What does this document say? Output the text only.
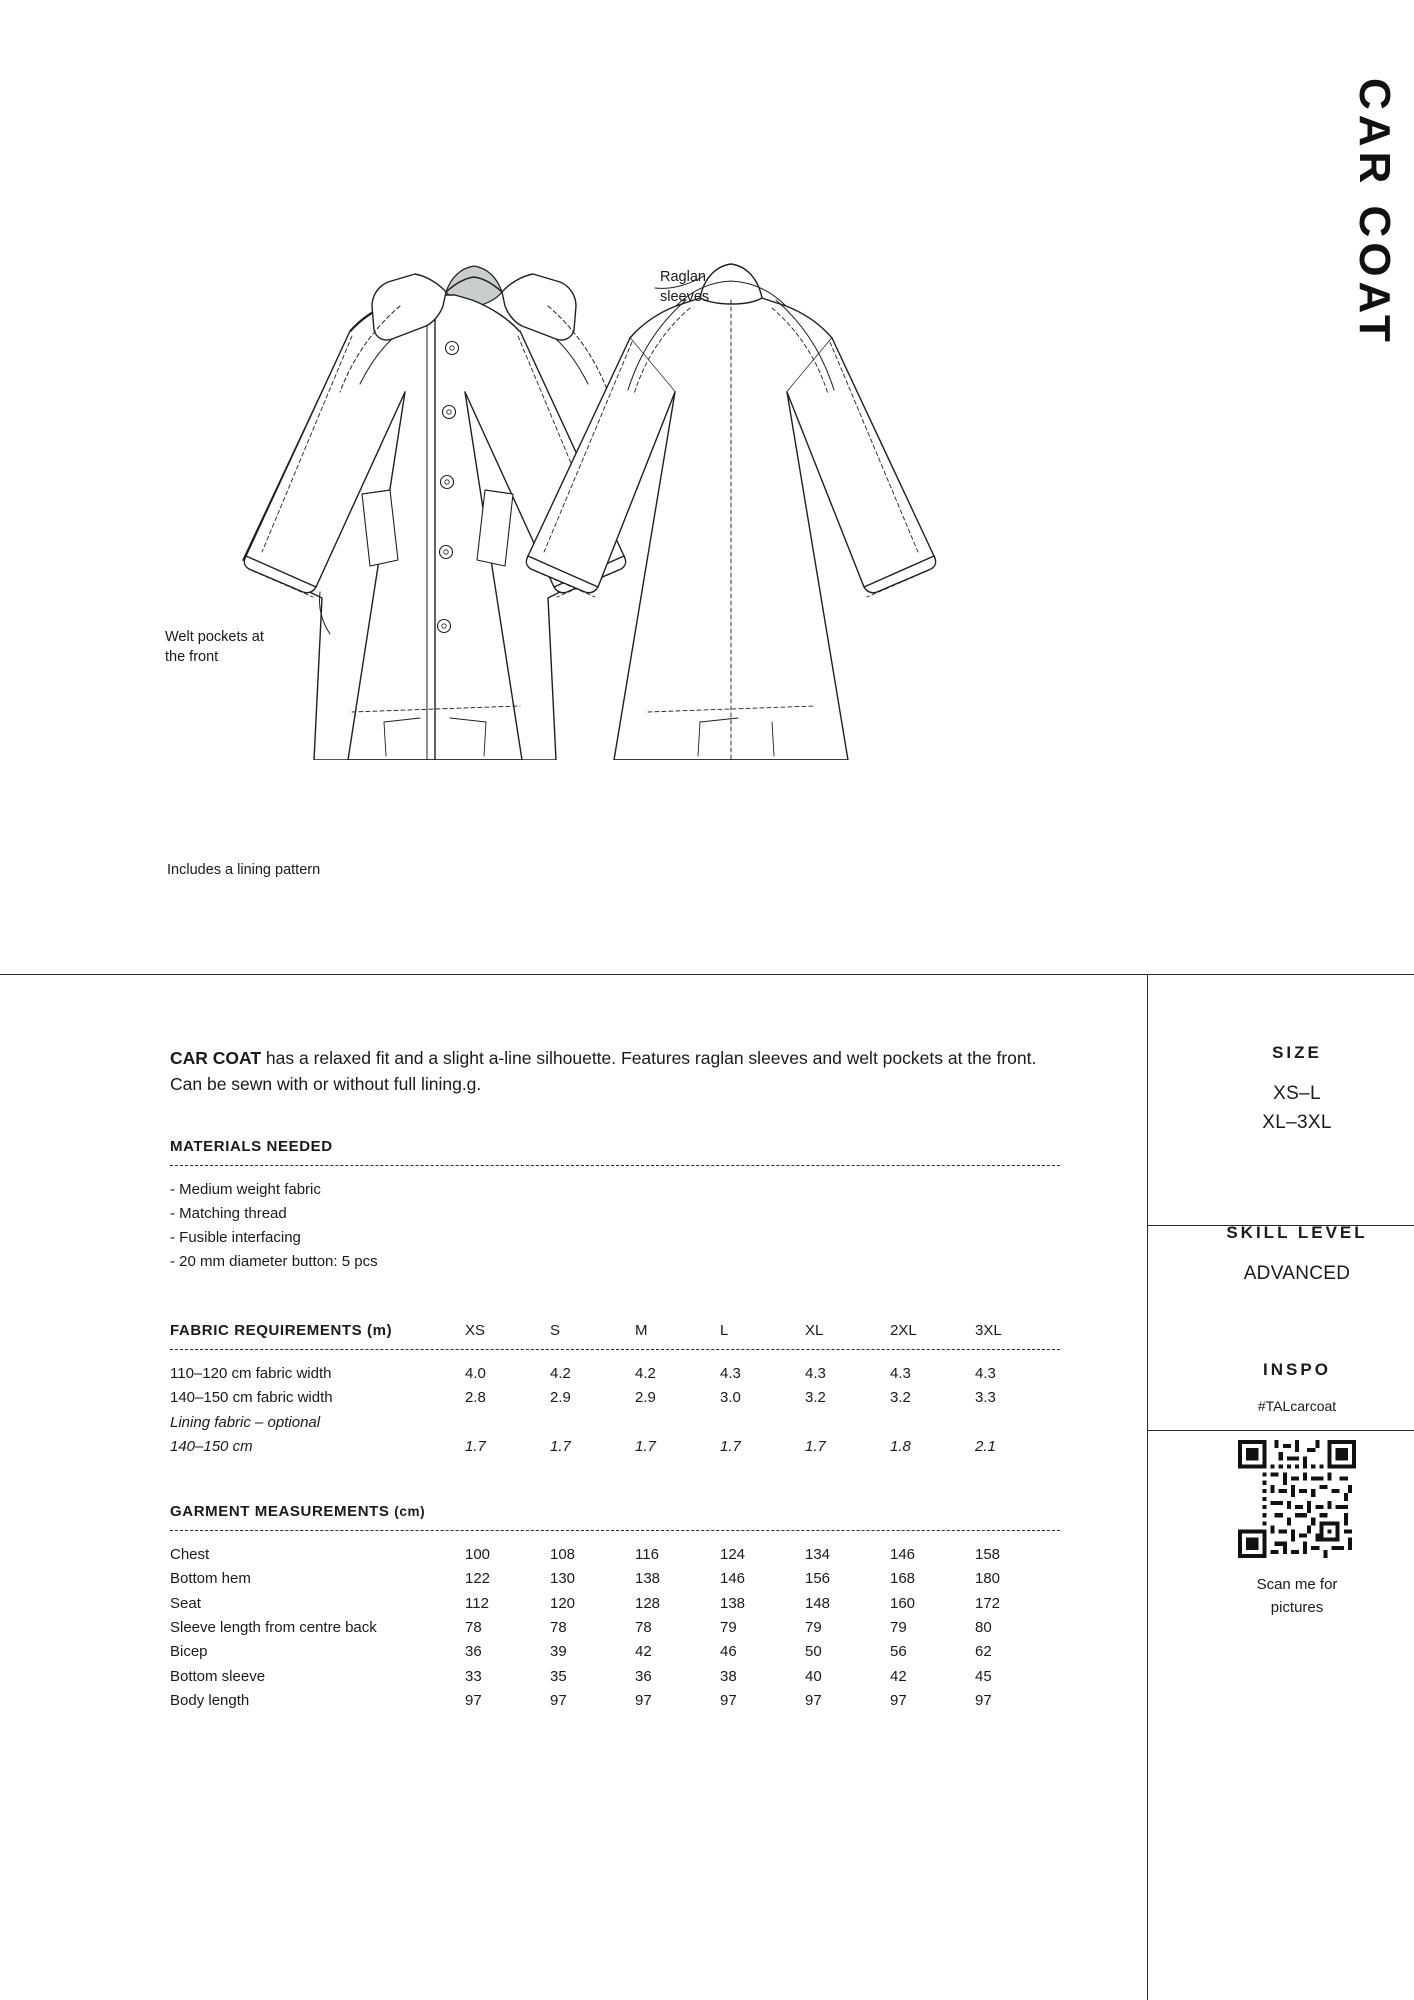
CAR COAT
Raglan
sleeves
Welt pockets at
the front
Includes a lining pattern

CAR COAT has a relaxed fit and a slight a-line silhouette. Features raglan sleeves and welt pockets at the front. Can be sewn with or without full lining.g.

MATERIALS NEEDED
- Medium weight fabric
- Matching thread
- Fusible interfacing
- 20 mm diameter button: 5 pcs
FABRIC REQUIREMENTS (m)	XS	S	M	L	XL	2XL	3XL
110–120 cm fabric width	4.0	4.2	4.2	4.3	4.3	4.3	4.3
140–150 cm fabric width	2.8	2.9	2.9	3.0	3.2	3.2	3.3
Lining fabric – optional							
140–150 cm	1.7	1.7	1.7	1.7	1.7	1.8	2.1
GARMENT MEASUREMENTS (cm)
Chest	100	108	116	124	134	146	158
Bottom hem	122	130	138	146	156	168	180
Seat	112	120	128	138	148	160	172
Sleeve length from centre back	78	78	78	79	79	79	80
Bicep	36	39	42	46	50	56	62
Bottom sleeve	33	35	36	38	40	42	45
Body length	97	97	97	97	97	97	97
SIZE
XS–L
XL–3XL
SKILL LEVEL
ADVANCED
INSPO
#TALcarcoat
Scan me for
pictures
